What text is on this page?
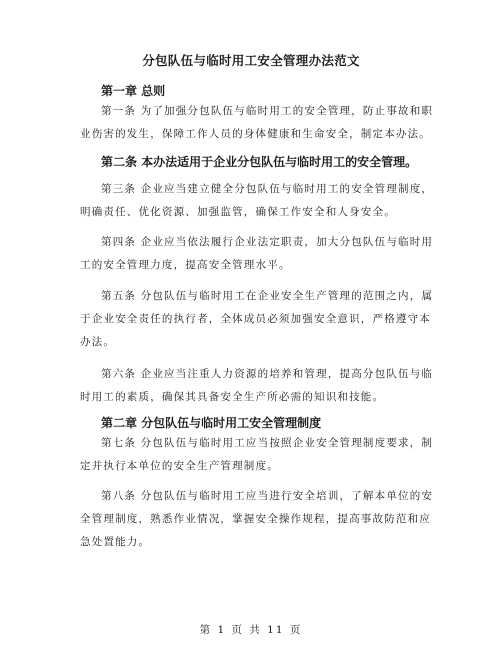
分包队伍与临时用工安全管理办法范文
第一章 总则
第一条 为了加强分包队伍与临时用工的安全管理，防止事故和职
业伤害的发生，保障工作人员的身体健康和生命安全，制定本办法。
第二条 本办法适用于企业分包队伍与临时用工的安全管理。
第三条 企业应当建立健全分包队伍与临时用工的安全管理制度，
明确责任、优化资源、加强监管，确保工作安全和人身安全。
第四条 企业应当依法履行企业法定职责，加大分包队伍与临时用
工的安全管理力度，提高安全管理水平。
第五条 分包队伍与临时用工在企业安全生产管理的范围之内，属
于企业安全责任的执行者，全体成员必须加强安全意识，严格遵守本
办法。
第六条 企业应当注重人力资源的培养和管理，提高分包队伍与临
时用工的素质，确保其具备安全生产所必需的知识和技能。
第二章 分包队伍与临时用工安全管理制度
第七条 分包队伍与临时用工应当按照企业安全管理制度要求，制
定并执行本单位的安全生产管理制度。
第八条 分包队伍与临时用工应当进行安全培训，了解本单位的安
全管理制度，熟悉作业情况，掌握安全操作规程，提高事故防范和应
急处置能力。
第 1 页 共 11 页
